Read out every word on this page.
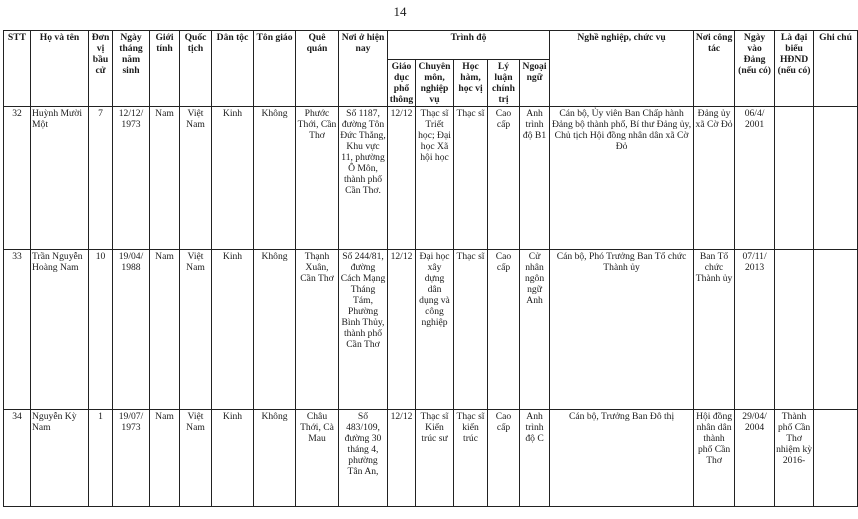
14
STT	Họ và tên	Đơn vị bầu cử	Ngày tháng năm sinh	Giới tính	Quốc tịch	Dân tộc	Tôn giáo	Quê quán	Nơi ở hiện nay	Trình độ					Nghề nghiệp, chức vụ	Nơi công tác	Ngày vào Đảng (nếu có)	Là đại biểu HĐND (nếu có)	Ghi chú
										Giáo dục phổ thông	Chuyên môn, nghiệp vụ	Học hàm, học vị	Lý luận chính trị	Ngoại ngữ					
32	Huỳnh Mười Một	7	12/12/ 1973	Nam	Việt Nam	Kinh	Không	Phước Thới, Cần Thơ	Số 1187, đường Tôn Đức Thắng, Khu vực 11, phường Ô Môn, thành phố Cần Thơ.	12/12	Thạc sĩ Triết học; Đại học Xã hội học	Thạc sĩ	Cao cấp	Anh trình độ B1	Cán bộ, Ủy viên Ban Chấp hành Đảng bộ thành phố, Bí thư Đảng ủy, Chủ tịch Hội đồng nhân dân xã Cờ Đỏ	Đảng ủy xã Cờ Đỏ	06/4/ 2001		
33	Trần Nguyễn Hoàng Nam	10	19/04/ 1988	Nam	Việt Nam	Kinh	Không	Thạnh Xuân, Cần Thơ	Số 244/81, đường Cách Mạng Tháng Tám, Phường Bình Thủy, thành phố Cần Thơ	12/12	Đại học xây dựng dân dụng và công nghiệp	Thạc sĩ	Cao cấp	Cử nhân ngôn ngữ Anh	Cán bộ, Phó Trưởng Ban Tổ chức Thành ủy	Ban Tổ chức Thành ủy	07/11/ 2013		
34	Nguyễn Kỳ Nam	1	19/07/ 1973	Nam	Việt Nam	Kinh	Không	Châu Thới, Cà Mau	Số 483/109, đường 30 tháng 4, phường Tân An,	12/12	Thạc sĩ Kiến trúc sư	Thạc sĩ kiến trúc	Cao cấp	Anh trình độ C	Cán bộ, Trưởng Ban Đô thị	Hội đồng nhân dân thành phố Cần Thơ	29/04/ 2004	Thành phố Cần Thơ nhiệm kỳ 2016-	
